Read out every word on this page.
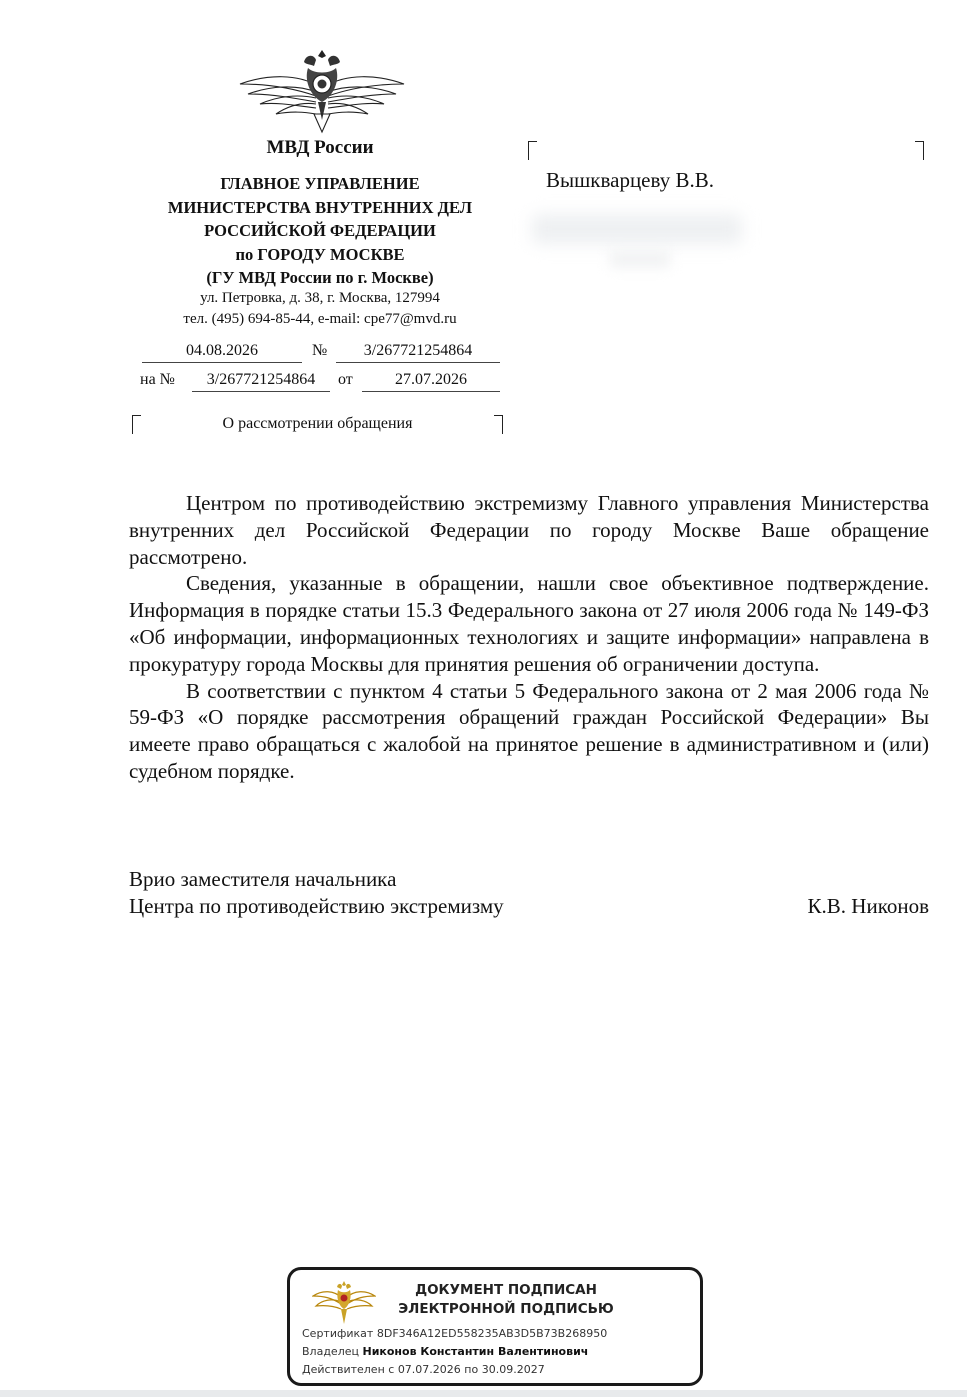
МВД России
ГЛАВНОЕ УПРАВЛЕНИЕ
МИНИСТЕРСТВА ВНУТРЕННИХ ДЕЛ
РОССИЙСКОЙ ФЕДЕРАЦИИ
по ГОРОДУ МОСКВЕ
(ГУ МВД России по г. Москве)
ул. Петровка, д. 38, г. Москва, 127994
тел. (495) 694-85-44, e-mail: cpe77@mvd.ru
04.08.2026	№	3/267721254864
на №	3/267721254864	от	27.07.2026
О рассмотрении обращения
Вышкварцеву В.В.

Центром по противодействию экстремизму Главного управления Министерства внутренних дел Российской Федерации по городу Москве Ваше обращение рассмотрено.

Сведения, указанные в обращении, нашли свое объективное подтверждение. Информация в порядке статьи 15.3 Федерального закона от 27 июля 2006 года № 149-ФЗ «Об информации, информационных технологиях и защите информации» направлена в прокуратуру города Москвы для принятия решения об ограничении доступа.

В соответствии с пунктом 4 статьи 5 Федерального закона от 2 мая 2006 года № 59-ФЗ «О порядке рассмотрения обращений граждан Российской Федерации» Вы имеете право обращаться с жалобой на принятое решение в административном и (или) судебном порядке.

Врио заместителя начальника
Центра по противодействию экстремизму	К.В. Никонов
ДОКУМЕНТ ПОДПИСАН
ЭЛЕКТРОННОЙ ПОДПИСЬЮ
Сертификат 8DF346A12ED558235AB3D5B73B268950
Владелец Никонов Константин Валентинович
Действителен с 07.07.2026 по 30.09.2027
